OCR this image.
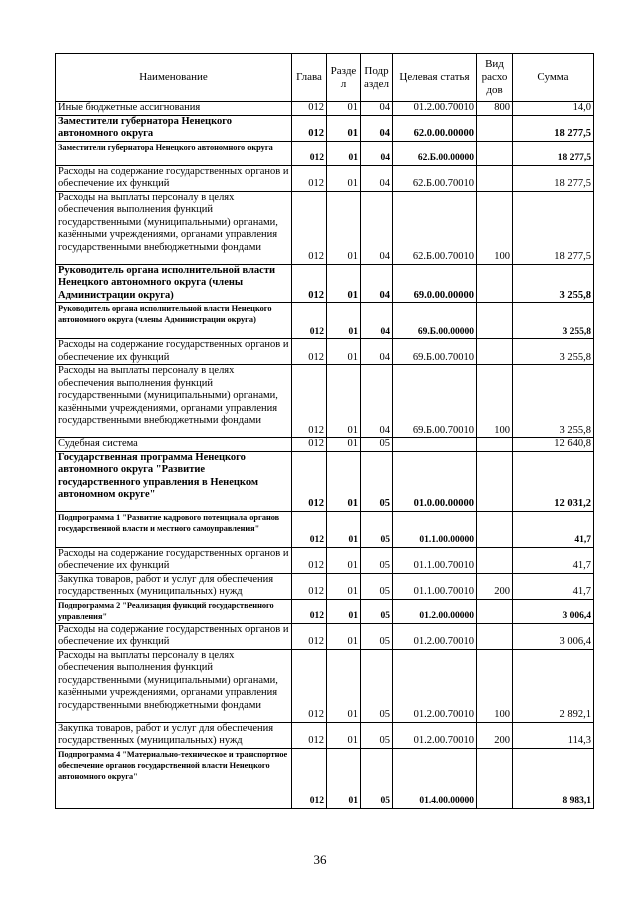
Наименование	Глава	Разде л	Подр аздел	Целевая статья	Вид расхо дов	Сумма
Иные бюджетные ассигнования	012	01	04	01.2.00.70010	800	14,0
Заместители губернатора Ненецкого автономного округа	012	01	04	62.0.00.00000		18 277,5
Заместители губернатора Ненецкого автономного округа	012	01	04	62.Б.00.00000		18 277,5
Расходы на содержание государственных органов и обеспечение их функций	012	01	04	62.Б.00.70010		18 277,5
Расходы на выплаты персоналу в целях обеспечения выполнения функций государственными (муниципальными) органами, казёнными учреждениями, органами управления государственными внебюджетными фондами	012	01	04	62.Б.00.70010	100	18 277,5
Руководитель органа исполнительной власти Ненецкого автономного округа (члены Администрации округа)	012	01	04	69.0.00.00000		3 255,8
Руководитель органа исполнительной власти Ненецкого автономного округа (члены Администрации округа)	012	01	04	69.Б.00.00000		3 255,8
Расходы на содержание государственных органов и обеспечение их функций	012	01	04	69.Б.00.70010		3 255,8
Расходы на выплаты персоналу в целях обеспечения выполнения функций государственными (муниципальными) органами, казёнными учреждениями, органами управления государственными внебюджетными фондами	012	01	04	69.Б.00.70010	100	3 255,8
Судебная система	012	01	05			12 640,8
Государственная программа Ненецкого автономного округа "Развитие государственного управления в Ненецком автономном округе"	012	01	05	01.0.00.00000		12 031,2
Подпрограмма 1 "Развитие кадрового потенциала органов государственной власти и местного самоуправления"	012	01	05	01.1.00.00000		41,7
Расходы на содержание государственных органов и обеспечение их функций	012	01	05	01.1.00.70010		41,7
Закупка товаров, работ и услуг для обеспечения государственных (муниципальных) нужд	012	01	05	01.1.00.70010	200	41,7
Подпрограмма 2 "Реализация функций государственного управления"	012	01	05	01.2.00.00000		3 006,4
Расходы на содержание государственных органов и обеспечение их функций	012	01	05	01.2.00.70010		3 006,4
Расходы на выплаты персоналу в целях обеспечения выполнения функций государственными (муниципальными) органами, казёнными учреждениями, органами управления государственными внебюджетными фондами	012	01	05	01.2.00.70010	100	2 892,1
Закупка товаров, работ и услуг для обеспечения государственных (муниципальных) нужд	012	01	05	01.2.00.70010	200	114,3
Подпрограмма 4 "Материально-техническое и транспортное обеспечение органов государственной власти Ненецкого автономного округа"	012	01	05	01.4.00.00000		8 983,1
36
